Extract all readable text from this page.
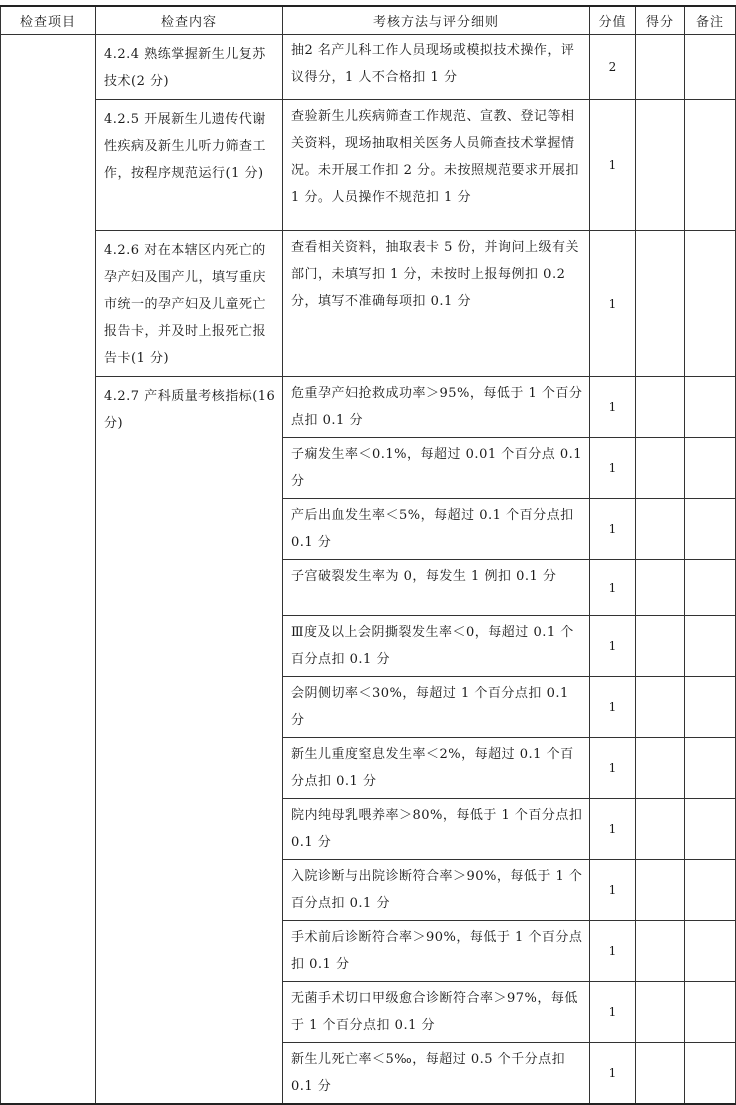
检查项目	检查内容	考核方法与评分细则	分值	得分	备注
	4.2.4 熟练掌握新生儿复苏技术(2 分)	抽2 名产儿科工作人员现场或模拟技术操作，评议得分，1 人不合格扣 1 分	2		
	4.2.5 开展新生儿遗传代谢性疾病及新生儿听力筛查工作，按程序规范运行(1 分)	查验新生儿疾病筛查工作规范、宣教、登记等相关资料，现场抽取相关医务人员筛查技术掌握情况。未开展工作扣 2 分。未按照规范要求开展扣 1 分。人员操作不规范扣 1 分	1		
	4.2.6 对在本辖区内死亡的孕产妇及围产儿，填写重庆市统一的孕产妇及儿童死亡报告卡，并及时上报死亡报告卡(1 分)	查看相关资料，抽取表卡 5 份，并询问上级有关部门，未填写扣 1 分，未按时上报每例扣 0.2 分，填写不准确每项扣 0.1 分	1		
	4.2.7 产科质量考核指标(16 分)	危重孕产妇抢救成功率＞95%，每低于 1 个百分点扣 0.1 分	1		
		子痫发生率＜0.1%，每超过 0.01 个百分点 0.1 分	1		
		产后出血发生率＜5%，每超过 0.1 个百分点扣 0.1 分	1		
		子宫破裂发生率为 0，每发生 1 例扣 0.1 分	1		
		Ⅲ度及以上会阴撕裂发生率＜0，每超过 0.1 个百分点扣 0.1 分	1		
		会阴侧切率＜30%，每超过 1 个百分点扣 0.1 分	1		
		新生儿重度窒息发生率＜2%，每超过 0.1 个百分点扣 0.1 分	1		
		院内纯母乳喂养率＞80%，每低于 1 个百分点扣 0.1 分	1		
		入院诊断与出院诊断符合率＞90%，每低于 1 个百分点扣 0.1 分	1		
		手术前后诊断符合率＞90%，每低于 1 个百分点扣 0.1 分	1		
		无菌手术切口甲级愈合诊断符合率＞97%，每低于 1 个百分点扣 0.1 分	1		
		新生儿死亡率＜5‰，每超过 0.5 个千分点扣 0.1 分	1		
